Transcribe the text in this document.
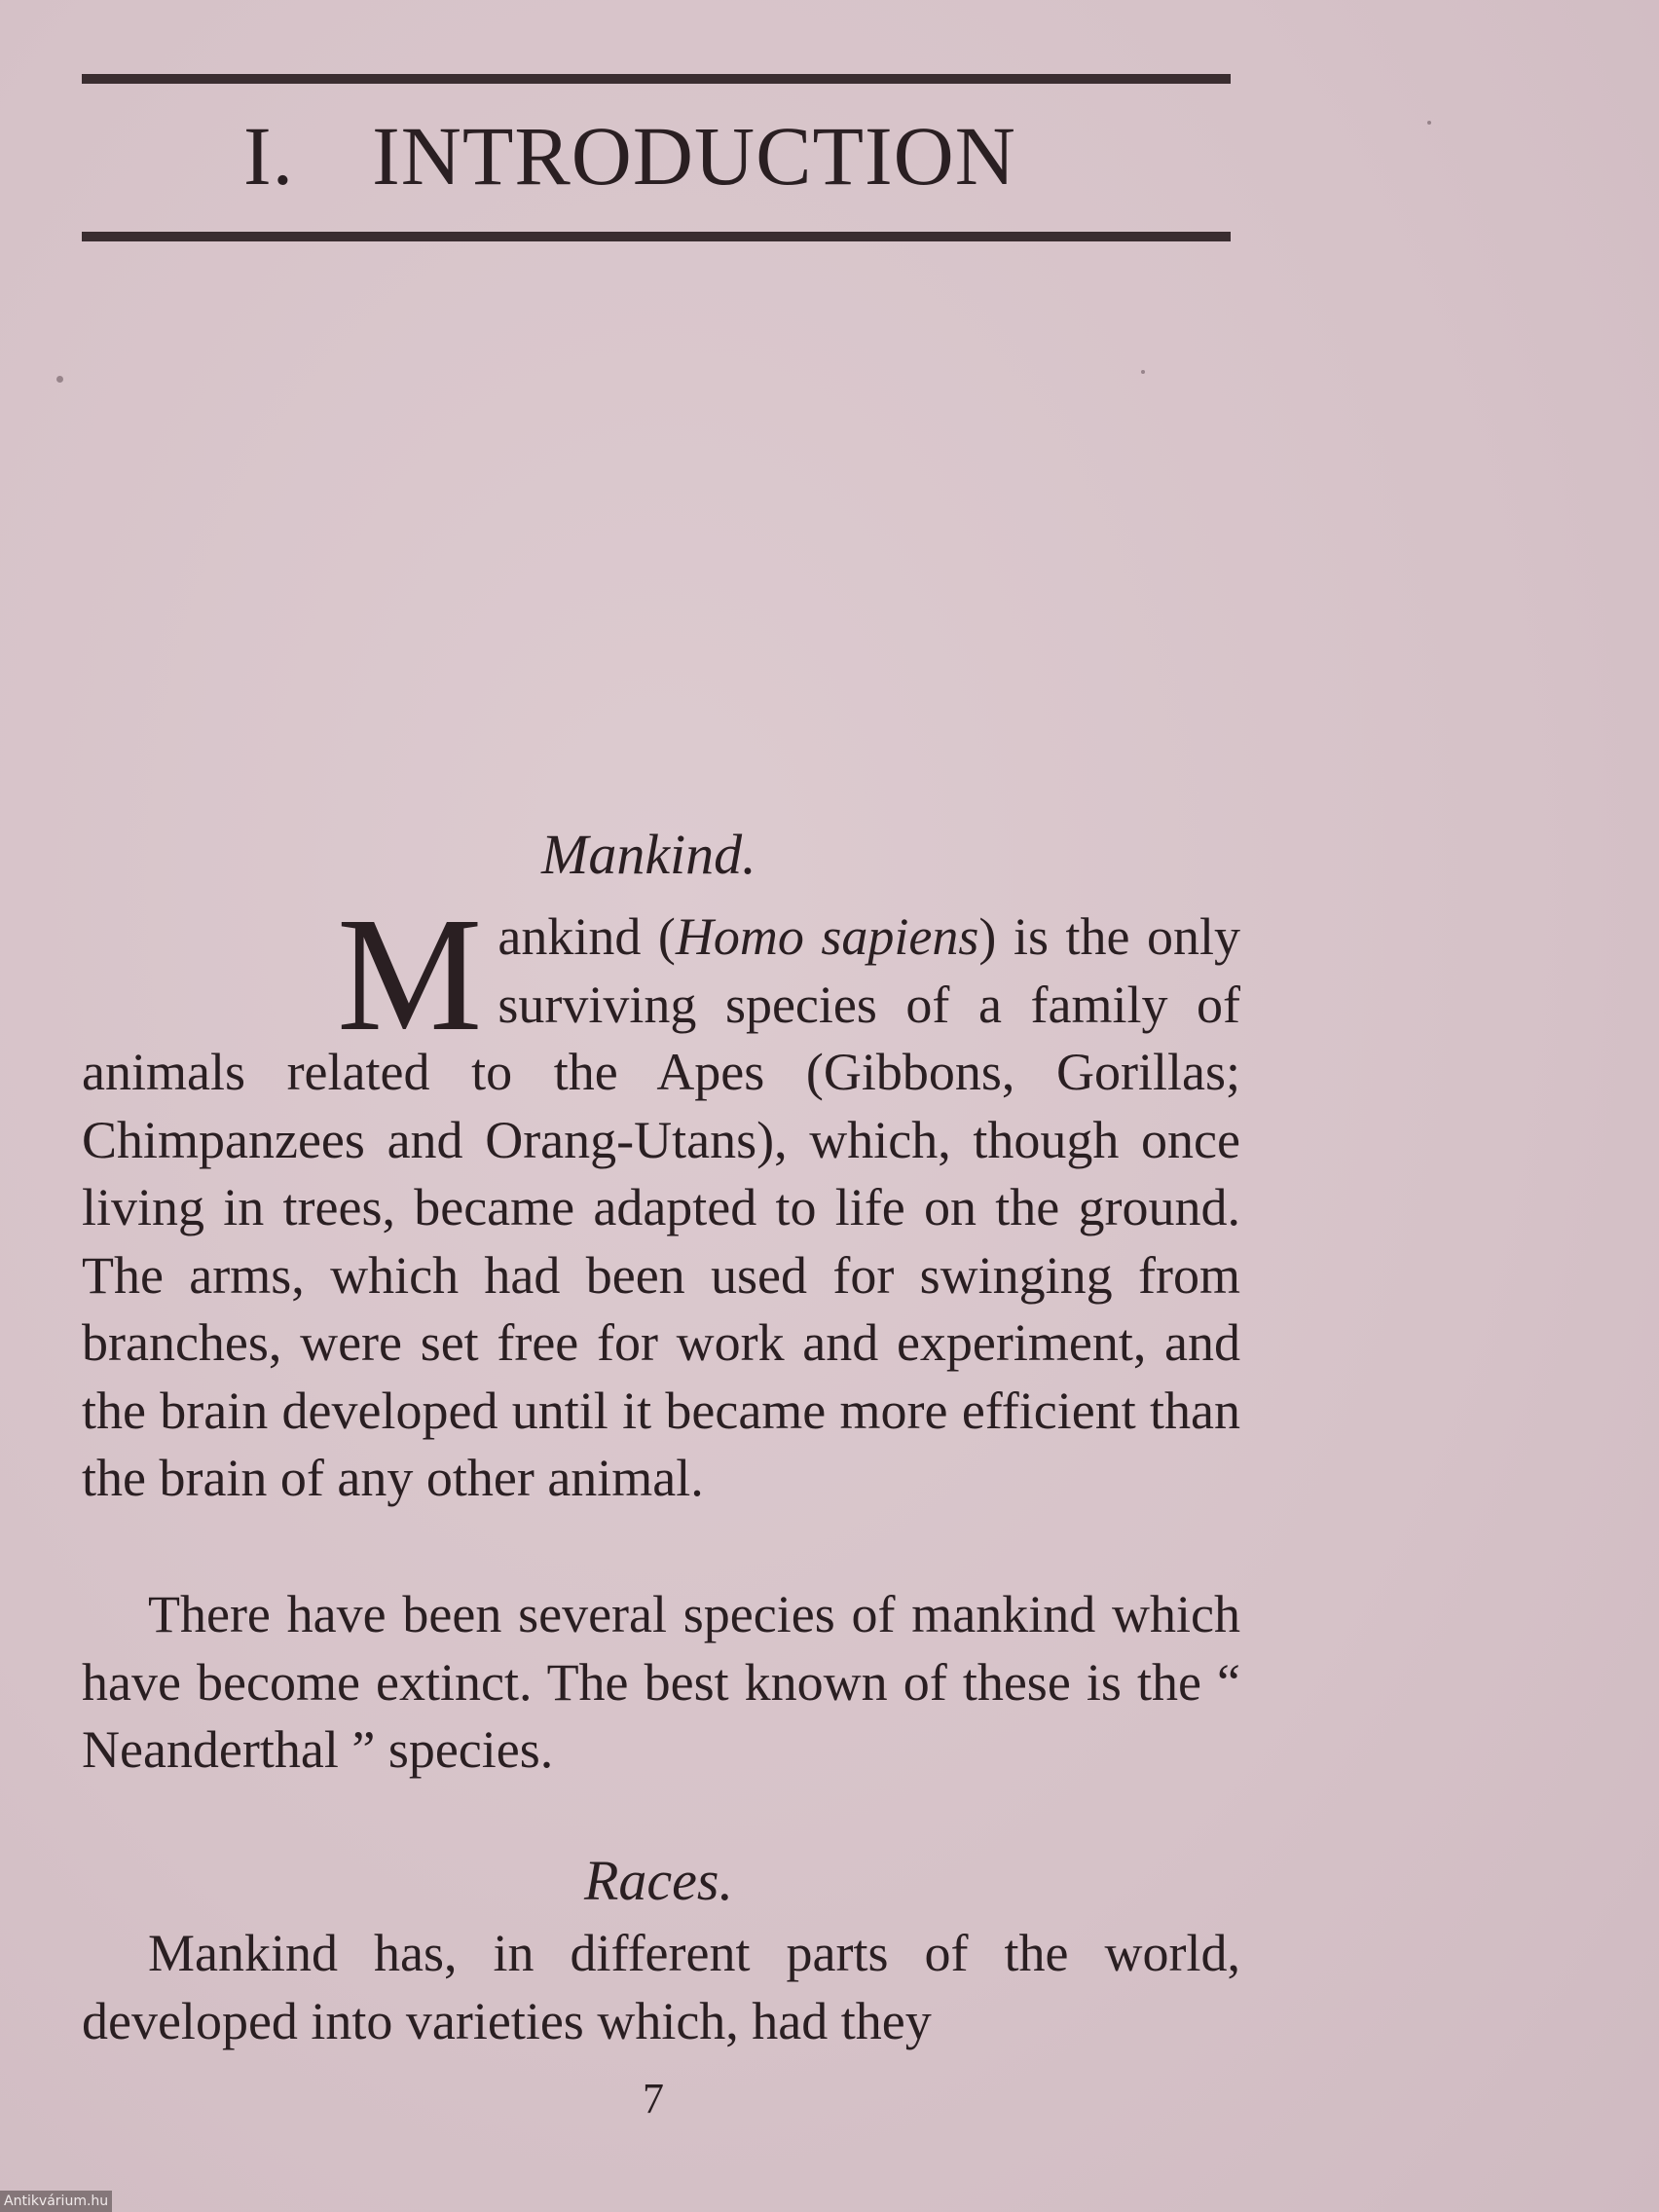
I. INTRODUCTION
Mankind.

Mankind (Homo sapiens) is the only surviving species of a family of animals related to the Apes (Gibbons, Gorillas; Chimpanzees and Orang-Utans), which, though once living in trees, became adapted to life on the ground. The arms, which had been used for swinging from branches, were set free for work and experiment, and the brain developed until it became more efficient than the brain of any other animal.

There have been several species of mankind which have become extinct. The best known of these is the “ Neanderthal ” species.

Races.

Mankind has, in different parts of the world, developed into varieties which, had they

7

Antikvárium.hu
